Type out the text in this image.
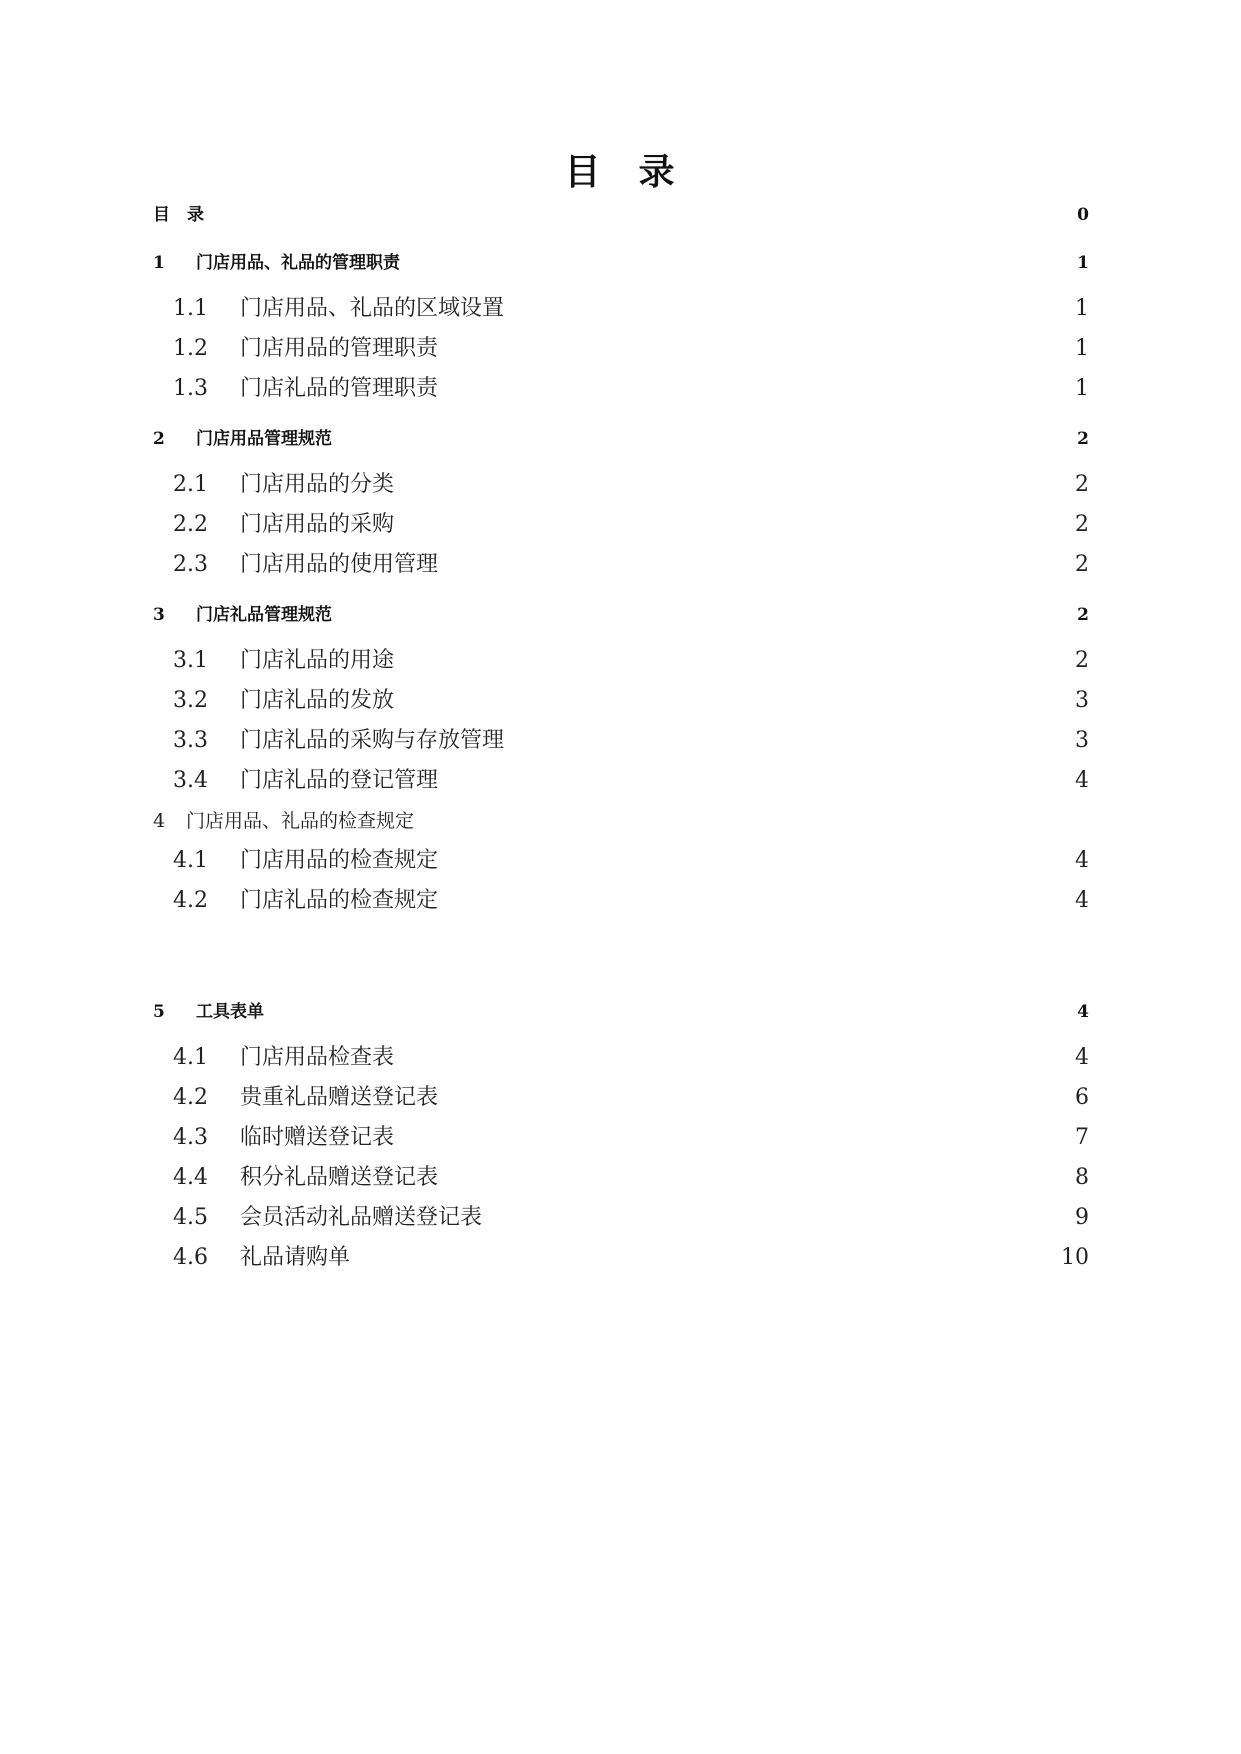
目 录
目　录	0
1 门店用品、礼品的管理职责	1
1.1 门店用品、礼品的区域设置	1
1.2 门店用品的管理职责	1
1.3 门店礼品的管理职责	1
2 门店用品管理规范	2
2.1 门店用品的分类	2
2.2 门店用品的采购	2
2.3 门店用品的使用管理	2
3 门店礼品管理规范	2
3.1 门店礼品的用途	2
3.2 门店礼品的发放	3
3.3 门店礼品的采购与存放管理	3
3.4 门店礼品的登记管理	4
4 门店用品、礼品的检查规定
4.1 门店用品的检查规定	4
4.2 门店礼品的检查规定	4
5 工具表单	4
4.1 门店用品检查表	4
4.2 贵重礼品赠送登记表	6
4.3 临时赠送登记表	7
4.4 积分礼品赠送登记表	8
4.5 会员活动礼品赠送登记表	9
4.6 礼品请购单	10
